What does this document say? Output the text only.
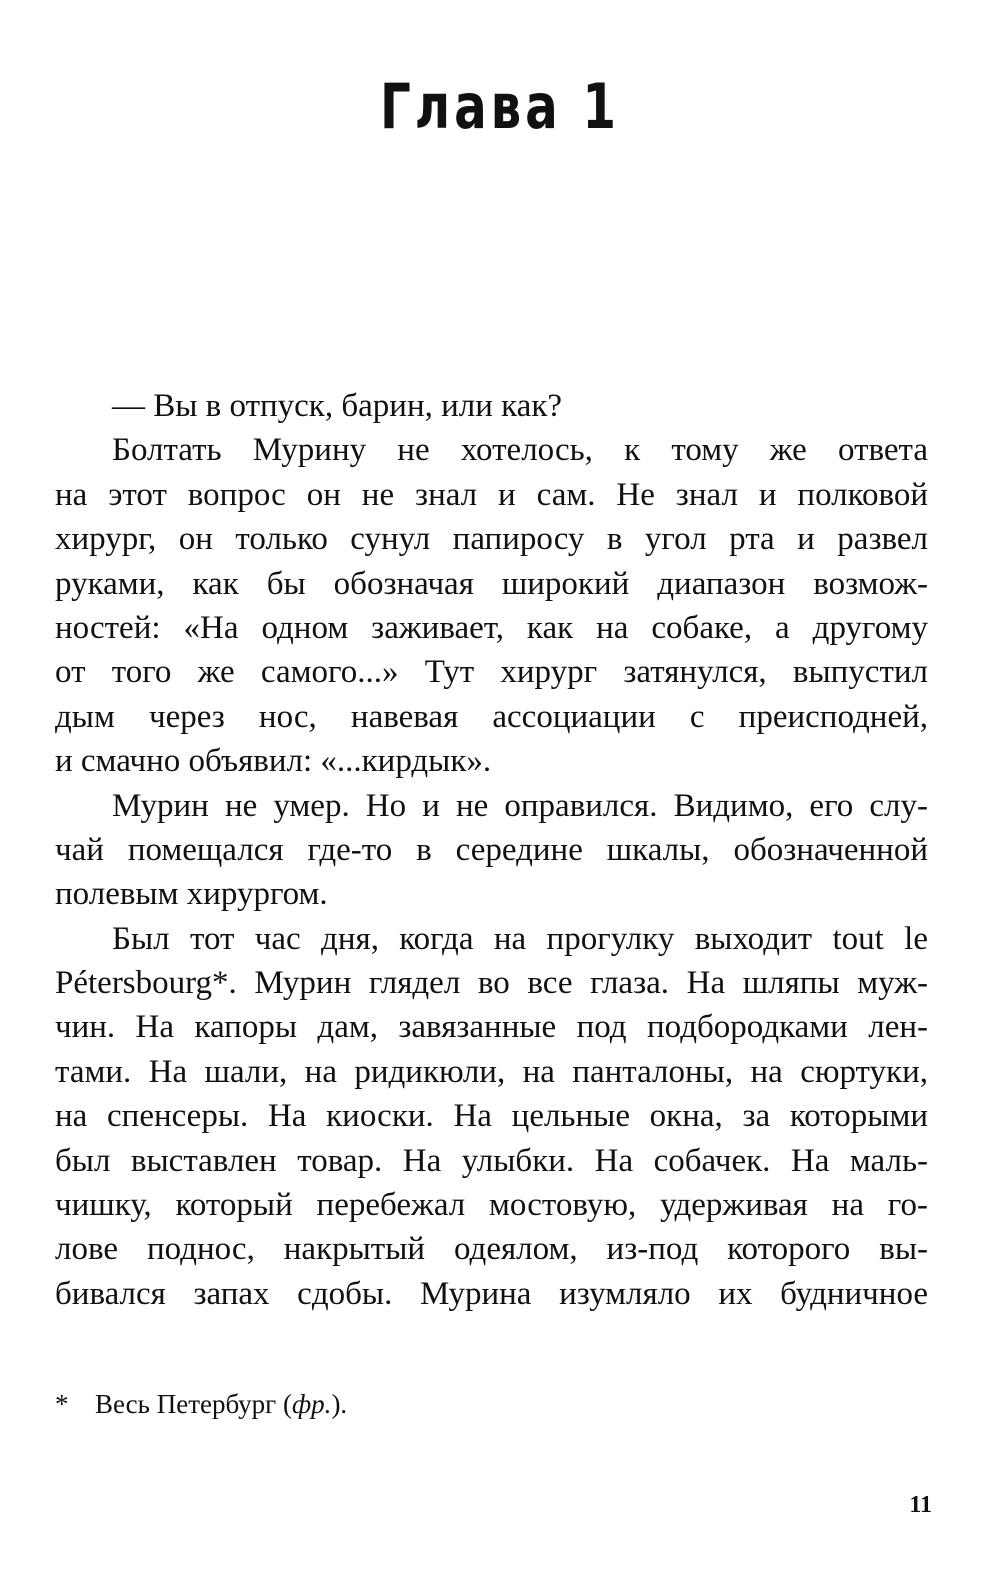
Глава 1
— Вы в отпуск, барин, или как?
Болтать Мурину не хотелось, к тому же ответа
на этот вопрос он не знал и сам. Не знал и полковой
хирург, он только сунул папиросу в угол рта и развел
руками, как бы обозначая широкий диапазон возмож-
ностей: «На одном заживает, как на собаке, а другому
от того же самого...» Тут хирург затянулся, выпустил
дым через нос, навевая ассоциации с преисподней,
и смачно объявил: «...кирдык».
Мурин не умер. Но и не оправился. Видимо, его слу-
чай помещался где-то в середине шкалы, обозначенной
полевым хирургом.
Был тот час дня, когда на прогулку выходит tout le
Pétersbourg*. Мурин глядел во все глаза. На шляпы муж-
чин. На капоры дам, завязанные под подбородками лен-
тами. На шали, на ридикюли, на панталоны, на сюртуки,
на спенсеры. На киоски. На цельные окна, за которыми
был выставлен товар. На улыбки. На собачек. На маль-
чишку, который перебежал мостовую, удерживая на го-
лове поднос, накрытый одеялом, из-под которого вы-
бивался запах сдобы. Мурина изумляло их будничное
* Весь Петербург (фр.).
11
